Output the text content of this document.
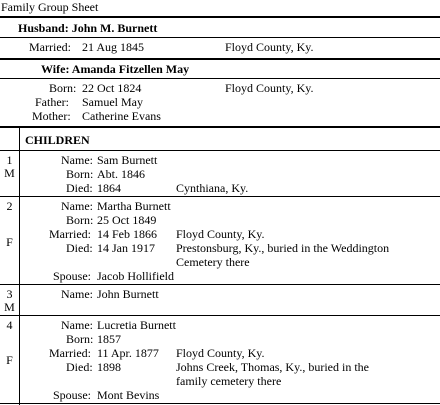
Family Group Sheet
Husband: John M. Burnett
Married: 21 Aug 1845	Floyd County, Ky.
Wife: Amanda Fitzellen May
Born: 22 Oct 1824	Floyd County, Ky.
Father: Samuel May
Mother: Catherine Evans
CHILDREN
1
M
Name: Sam Burnett
Born: Abt. 1846
Died: 1864	Cynthiana, Ky.
2
F
Name: Martha Burnett
Born: 25 Oct 1849
Married: 14 Feb 1866 Floyd County, Ky.
Died: 14 Jan 1917 Prestonsburg, Ky., buried in the Weddington
Cemetery there
Spouse: Jacob Hollifield
3
M
Name: John Burnett
4
F
Name: Lucretia Burnett
Born: 1857
Married: 11 Apr. 1877 Floyd County, Ky.
Died: 1898	Johns Creek, Thomas, Ky., buried in the
family cemetery there
Spouse: Mont Bevins
